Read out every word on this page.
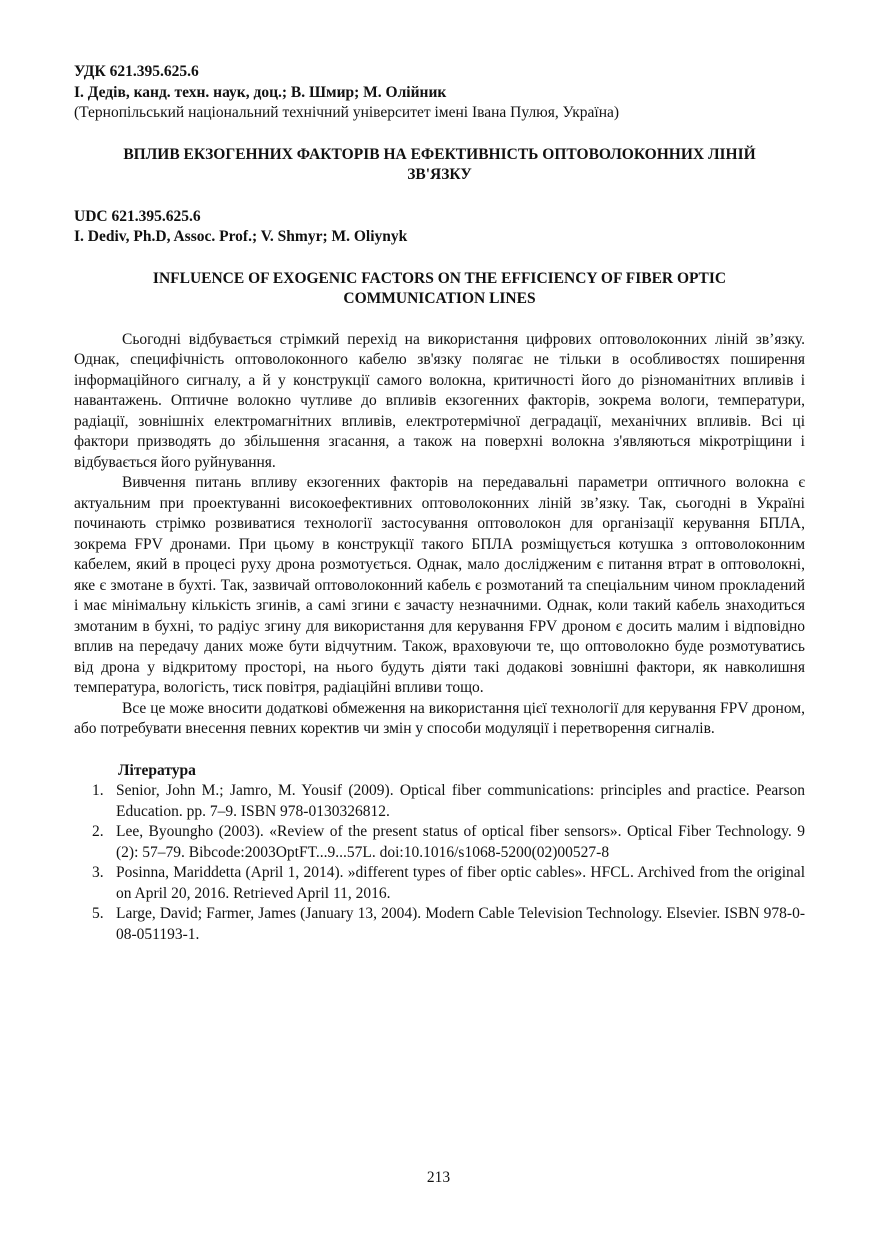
УДК 621.395.625.6

І. Дедів, канд. техн. наук, доц.; В. Шмир; М. Олійник

(Тернопільський національний технічний університет імені Івана Пулюя, Україна)

ВПЛИВ ЕКЗОГЕННИХ ФАКТОРІВ НА ЕФЕКТИВНІСТЬ ОПТОВОЛОКОННИХ ЛІНІЙ ЗВ'ЯЗКУ

UDC 621.395.625.6

I. Dediv, Ph.D, Assoc. Prof.; V. Shmyr; M. Oliynyk

INFLUENCE OF EXOGENIC FACTORS ON THE EFFICIENCY OF FIBER OPTIC COMMUNICATION LINES

Сьогодні відбувається стрімкий перехід на використання цифрових оптоволоконних ліній зв’язку. Однак, специфічність оптоволоконного кабелю зв'язку полягає не тільки в особливостях поширення інформаційного сигналу, а й у конструкції самого волокна, критичності його до різноманітних впливів і навантажень. Оптичне волокно чутливе до впливів екзогенних факторів, зокрема вологи, температури, радіації, зовнішніх електромагнітних впливів, електротермічної деградації, механічних впливів. Всі ці фактори призводять до збільшення згасання, а також на поверхні волокна з'являються мікротріщини і відбувається його руйнування.

Вивчення питань впливу екзогенних факторів на передавальні параметри оптичного волокна є актуальним при проектуванні високоефективних оптоволоконних ліній зв’язку. Так, сьогодні в Україні починають стрімко розвиватися технології застосування оптоволокон для організації керування БПЛА, зокрема FPV дронами. При цьому в конструкції такого БПЛА розміщується котушка з оптоволоконним кабелем, який в процесі руху дрона розмотується. Однак, мало дослідженим є питання втрат в оптоволокні, яке є змотане в бухті. Так, зазвичай оптоволоконний кабель є розмотаний та спеціальним чином прокладений і має мінімальну кількість згинів, а самі згини є зачасту незначними. Однак, коли такий кабель знаходиться змотаним в бухні, то радіус згину для використання для керування FPV дроном є досить малим і відповідно вплив на передачу даних може бути відчутним. Також, враховуючи те, що оптоволокно буде розмотуватись від дрона у відкритому просторі, на нього будуть діяти такі додакові зовнішні фактори, як навколишня температура, вологість, тиск повітря, радіаційні впливи тощо.

Все це може вносити додаткові обмеження на використання цієї технології для керування FPV дроном, або потребувати внесення певних коректив чи змін у способи модуляції і перетворення сигналів.

Література

1. Senior, John M.; Jamro, M. Yousif (2009). Optical fiber communications: principles and practice. Pearson Education. pp. 7–9. ISBN 978-0130326812.
2. Lee, Byoungho (2003). «Review of the present status of optical fiber sensors». Optical Fiber Technology. 9 (2): 57–79. Bibcode:2003OptFT...9...57L. doi:10.1016/s1068-5200(02)00527-8
3. Posinna, Mariddetta (April 1, 2014). »different types of fiber optic cables». HFCL. Archived from the original on April 20, 2016. Retrieved April 11, 2016.
5. Large, David; Farmer, James (January 13, 2004). Modern Cable Television Technology. Elsevier. ISBN 978-0-08-051193-1.
213
